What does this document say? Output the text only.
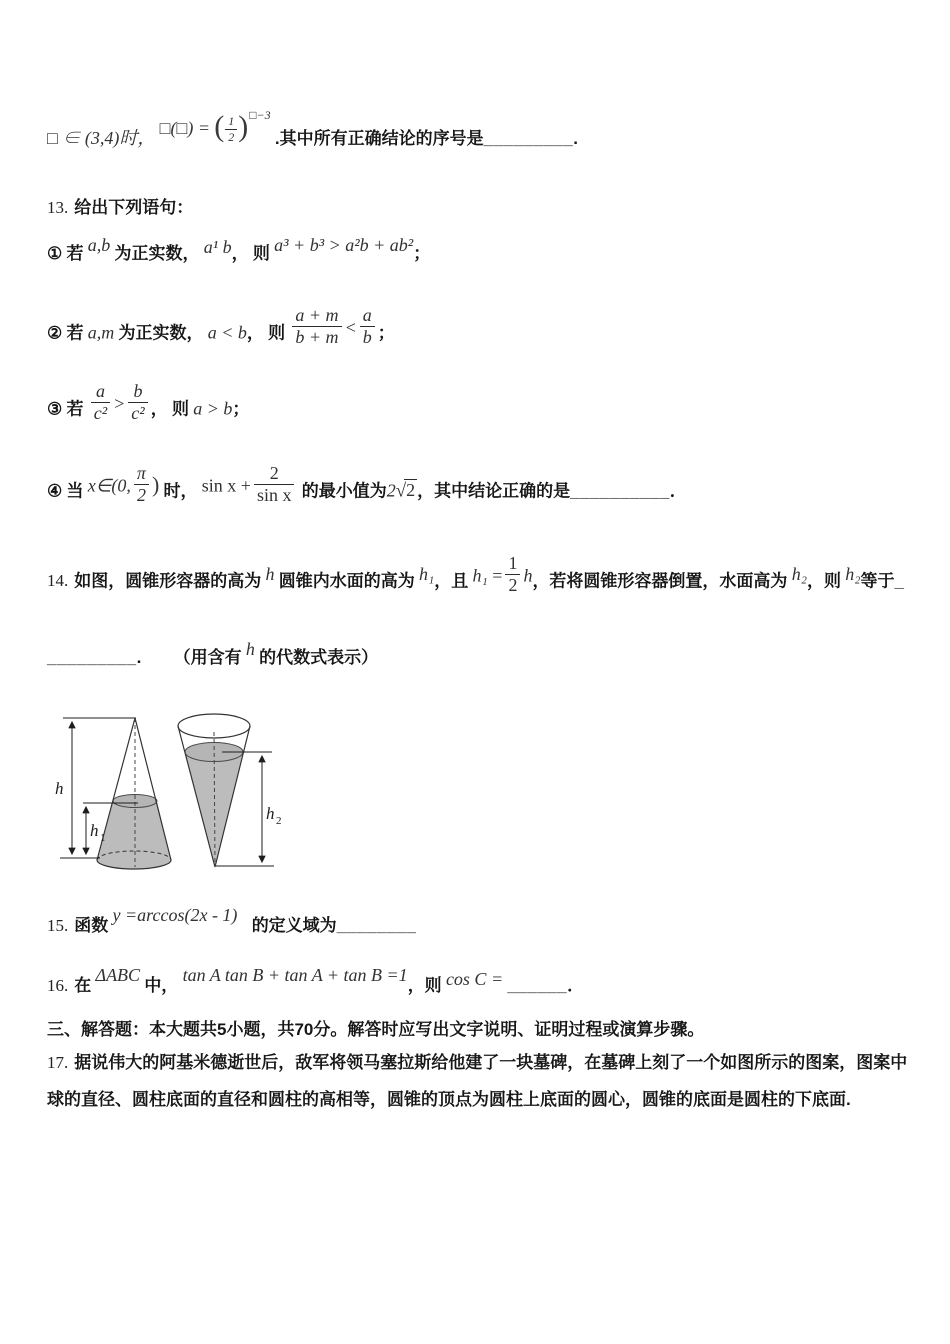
□ ∈ (3,4)时， □(□) = ( $\frac{1}{2} )^{□-3}$ .其中所有正确结论的序号是_________.
13. 给出下列语句：
① 若 a,b 为正实数， a¹ b， 则 a³ + b³ > a²b + ab²；
② 若 a,m 为正实数， a < b， 则 $\frac{a + m}{b + m} < \frac{a}{b}$ ；
③ 若 $\frac{a}{\text{c²}} > \frac{b}{\text{c²}}$ ， 则 a > b；
④ 当 x∈(0, $\frac{\pi}{2}$ ) 时， $\sin x + \frac{2}{\text{sin x}}$ 的最小值为2√2 ，其中结论正确的是__________．
14. 如图，圆锥形容器的高为 h 圆锥内水面的高为 h₁，且 $h_1 = \frac{1}{2}$ h，若将圆锥形容器倒置，水面高为 h₂，则 h₂等于_
_________. （用含有 h 的代数式表示）
h
h 1
h 2
15. 函数 y =arccos(2x - 1) 的定义域为________
16. 在 ΔABC 中， tan A tan B + tan A + tan B =1，则 cos C = ______．
三、解答题：本大题共5小题，共70分。解答时应写出文字说明、证明过程或演算步骤。
17. 据说伟大的阿基米德逝世后，敌军将领马塞拉斯给他建了一块墓碑，在墓碑上刻了一个如图所示的图案，图案中
球的直径、圆柱底面的直径和圆柱的高相等，圆锥的顶点为圆柱上底面的圆心，圆锥的底面是圆柱的下底面.
